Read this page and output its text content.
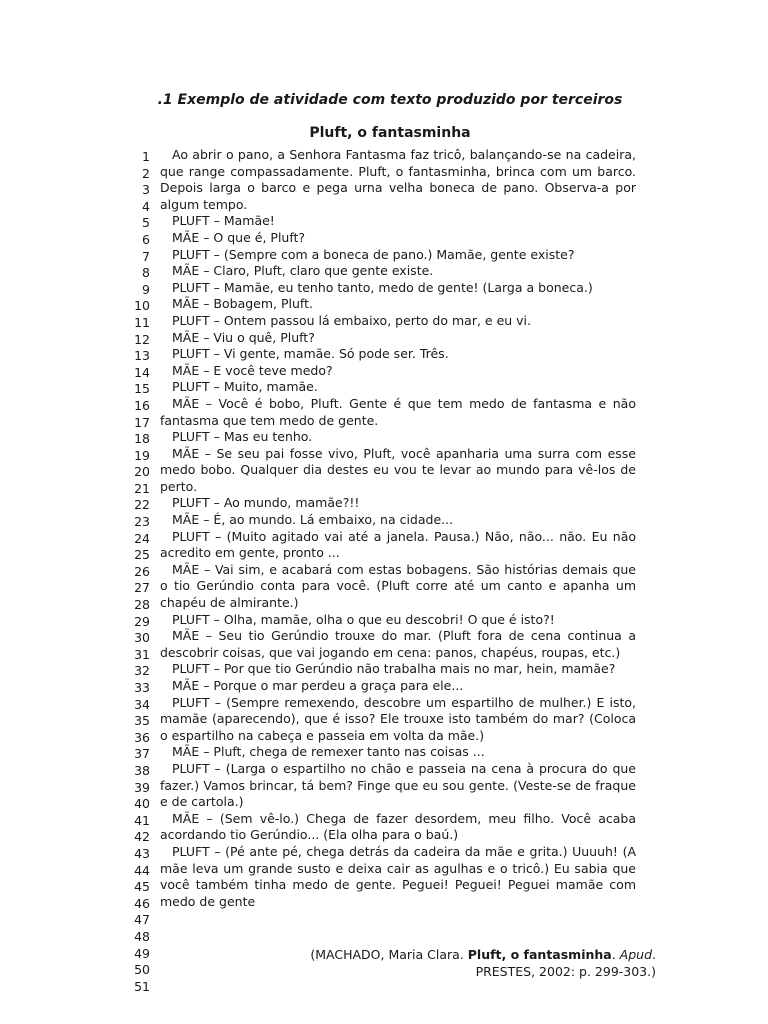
.1 Exemplo de atividade com texto produzido por terceiros
Pluft, o fantasminha
1
2
3
4
5
6
7
8
9
10
11
12
13
14
15
16
17
18
19
20
21
22
23
24
25
26
27
28
29
30
31
32
33
34
35
36
37
38
39
40
41
42
43
44
45
46
47
48
49
50
51

Ao abrir o pano, a Senhora Fantasma faz tricô, balançando-se na cadeira, que range compassadamente. Pluft, o fantasminha, brinca com um barco. Depois larga o barco e pega urna velha boneca de pano. Observa-a por algum tempo.

PLUFT – Mamãe!

MÃE – O que é, Pluft?

PLUFT – (Sempre com a boneca de pano.) Mamãe, gente existe?

MÃE – Claro, Pluft, claro que gente existe.

PLUFT – Mamãe, eu tenho tanto, medo de gente! (Larga a boneca.)

MÃE – Bobagem, Pluft.

PLUFT – Ontem passou lá embaixo, perto do mar, e eu vi.

MÃE – Viu o quê, Pluft?

PLUFT – Vi gente, mamãe. Só pode ser. Três.

MÃE – E você teve medo?

PLUFT – Muito, mamãe.

MÃE – Você é bobo, Pluft. Gente é que tem medo de fantasma e não fantasma que tem medo de gente.

PLUFT – Mas eu tenho.

MÃE – Se seu pai fosse vivo, Pluft, você apanharia uma surra com esse medo bobo. Qualquer dia destes eu vou te levar ao mundo para vê-los de perto.

PLUFT – Ao mundo, mamãe?!!

MÃE – É, ao mundo. Lá embaixo, na cidade...

PLUFT – (Muito agitado vai até a janela. Pausa.) Não, não... não. Eu não acredito em gente, pronto ...

MÃE – Vai sim, e acabará com estas bobagens. São histórias demais que o tio Gerúndio conta para você. (Pluft corre até um canto e apanha um chapéu de almirante.)

PLUFT – Olha, mamãe, olha o que eu descobri! O que é isto?!

MÃE – Seu tio Gerúndio trouxe do mar. (Pluft fora de cena continua a descobrir coisas, que vai jogando em cena: panos, chapéus, roupas, etc.)

PLUFT – Por que tio Gerúndio não trabalha mais no mar, hein, mamãe?

MÃE – Porque o mar perdeu a graça para ele...

PLUFT – (Sempre remexendo, descobre um espartilho de mulher.) E isto, mamãe (aparecendo), que é isso? Ele trouxe isto também do mar? (Coloca o espartilho na cabeça e passeia em volta da mãe.)

MÃE – Pluft, chega de remexer tanto nas coisas ...

PLUFT – (Larga o espartilho no chão e passeia na cena à procura do que fazer.) Vamos brincar, tá bem? Finge que eu sou gente. (Veste-se de fraque e de cartola.)

MÃE – (Sem vê-lo.) Chega de fazer desordem, meu filho. Você acaba acordando tio Gerúndio... (Ela olha para o baú.)

PLUFT – (Pé ante pé, chega detrás da cadeira da mãe e grita.) Uuuuh! (A mãe leva um grande susto e deixa cair as agulhas e o tricô.) Eu sabia que você também tinha medo de gente. Peguei! Peguei! Peguei mamãe com medo de gente

(MACHADO, Maria Clara. Pluft, o fantasminha. Apud.
PRESTES, 2002: p. 299-303.)
